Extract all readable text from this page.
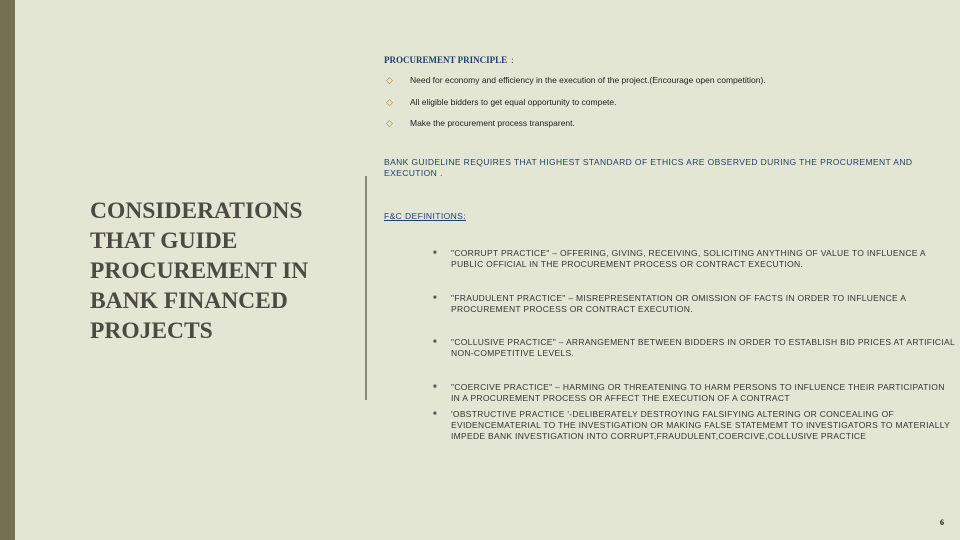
CONSIDERATIONS
THAT GUIDE
PROCUREMENT IN
BANK FINANCED
PROJECTS
PROCUREMENT PRINCIPLE :
◇	Need for economy and efficiency in the execution of the project.(Encourage open competition).
◇	All eligible bidders to get equal opportunity to compete.
◇	Make the procurement process transparent.
BANK GUIDELINE REQUIRES THAT HIGHEST STANDARD OF ETHICS ARE OBSERVED DURING THE PROCUREMENT AND EXECUTION .
F&C DEFINITIONS:
■	"CORRUPT PRACTICE" – OFFERING, GIVING, RECEIVING, SOLICITING ANYTHING OF VALUE TO INFLUENCE A PUBLIC OFFICIAL IN THE PROCUREMENT PROCESS OR CONTRACT EXECUTION.
■	"FRAUDULENT PRACTICE" – MISREPRESENTATION OR OMISSION OF FACTS IN ORDER TO INFLUENCE A PROCUREMENT PROCESS OR CONTRACT EXECUTION.
■	"COLLUSIVE PRACTICE" – ARRANGEMENT BETWEEN BIDDERS IN ORDER TO ESTABLISH BID PRICES AT ARTIFICIAL NON-COMPETITIVE LEVELS.
■	"COERCIVE PRACTICE" – HARMING OR THREATENING TO HARM PERSONS TO INFLUENCE THEIR PARTICIPATION IN A PROCUREMENT PROCESS OR AFFECT THE EXECUTION OF A CONTRACT
■	'OBSTRUCTIVE PRACTICE '-DELIBERATELY DESTROYING FALSIFYING ALTERING OR CONCEALING OF EVIDENCEMATERIAL TO THE INVESTIGATION OR MAKING FALSE STATEMEMT TO INVESTIGATORS TO MATERIALLY IMPEDE BANK INVESTIGATION INTO CORRUPT,FRAUDULENT,COERCIVE,COLLUSIVE PRACTICE
6
